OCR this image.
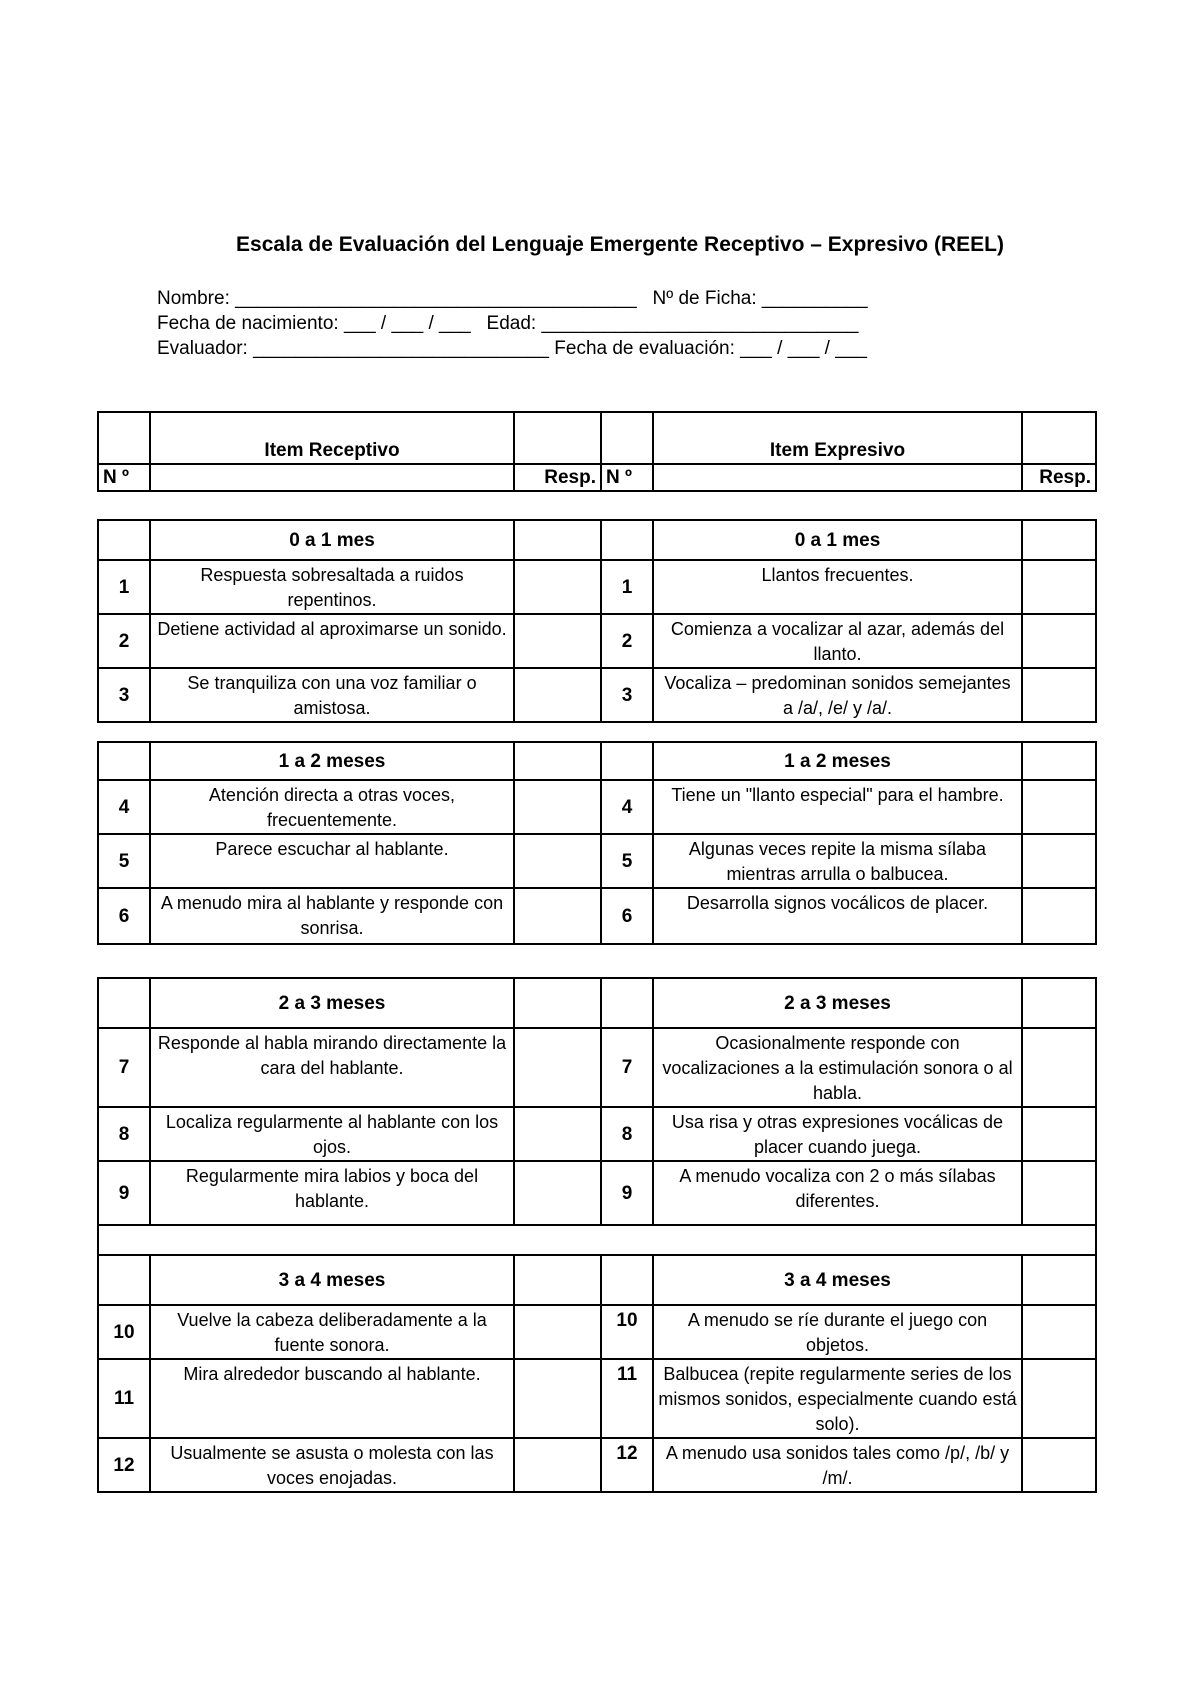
Escala de Evaluación del Lenguaje Emergente Receptivo – Expresivo (REEL)
Nombre: ______________________________________   Nº de Ficha: __________
Fecha de nacimiento: ___ / ___ / ___   Edad: ______________________________
Evaluador: ____________________________ Fecha de evaluación: ___ / ___ / ___
	Item Receptivo			Item Expresivo	
N º		Resp.	N º		Resp.
	0 a 1 mes			0 a 1 mes	
1	Respuesta sobresaltada a ruidos repentinos.		1	Llantos frecuentes.	
2	Detiene actividad al aproximarse un sonido.		2	Comienza a vocalizar al azar, además del llanto.	
3	Se tranquiliza con una voz familiar o amistosa.		3	Vocaliza – predominan sonidos semejantes a /a/, /e/ y /a/.	
	1 a 2 meses			1 a 2 meses	
4	Atención directa a otras voces, frecuentemente.		4	Tiene un "llanto especial" para el hambre.	
5	Parece escuchar al hablante.		5	Algunas veces repite la misma sílaba mientras arrulla o balbucea.	
6	A menudo mira al hablante y responde con sonrisa.		6	Desarrolla signos vocálicos de placer.	
	2 a 3 meses			2 a 3 meses	
7	Responde al habla mirando directamente la cara del hablante.		7	Ocasionalmente responde con vocalizaciones a la estimulación sonora o al habla.	
8	Localiza regularmente al hablante con los ojos.		8	Usa risa y otras expresiones vocálicas de placer cuando juega.	
9	Regularmente mira labios y boca del hablante.		9	A menudo vocaliza con 2 o más sílabas diferentes.	

	3 a 4 meses			3 a 4 meses	
10	Vuelve la cabeza deliberadamente a la fuente sonora.		10	A menudo se ríe durante el juego con objetos.	
11	Mira alrededor buscando al hablante.		11	Balbucea (repite regularmente series de los mismos sonidos, especialmente cuando está solo).	
12	Usualmente se asusta o molesta con las voces enojadas.		12	A menudo usa sonidos tales como /p/, /b/ y /m/.	
